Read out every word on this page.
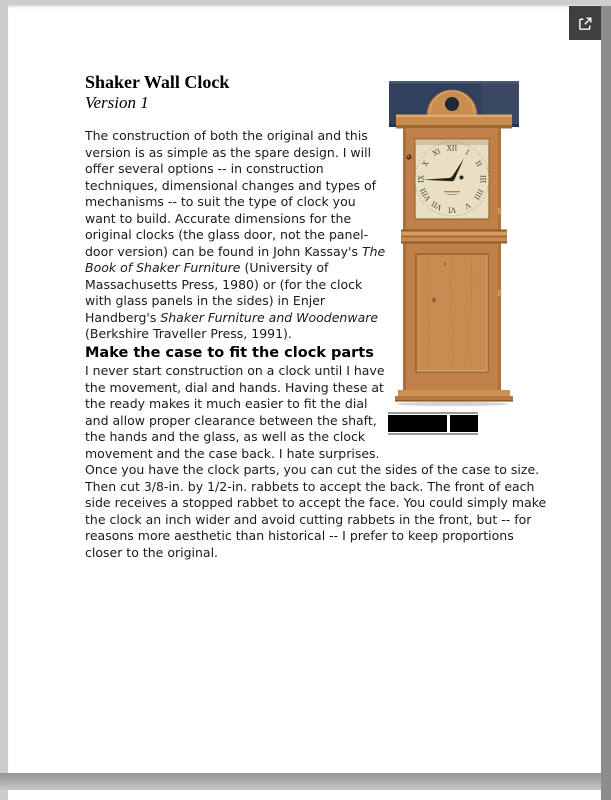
Shaker Wall Clock
Version 1

The construction of both the original and this version is as simple as the spare design. I will offer several options -- in construction techniques, dimensional changes and types of mechanisms -- to suit the type of clock you want to build. Accurate dimensions for the original clocks (the glass door, not the panel-door version) can be found in John Kassay's The Book of Shaker Furniture (University of Massachusetts Press, 1980) or (for the clock with glass panels in the sides) in Enjer Handberg's Shaker Furniture and Woodenware (Berkshire Traveller Press, 1991).

Make the case to fit the clock parts

I never start construction on a clock until I have the movement, dial and hands. Having these at the ready makes it much easier to fit the dial and allow proper clearance between the shaft, the hands and the glass, as well as the clock movement and the case back. I hate surprises.

Once you have the clock parts, you can cut the sides of the case to size. Then cut 3/8-in. by 1/2-in. rabbets to accept the back. The front of each side receives a stopped rabbet to accept the face. You could simply make the clock an inch wider and avoid cutting rabbets in the front, but -- for reasons more aesthetic than historical -- I prefer to keep proportions closer to the original.

XII I
II
III
IIII
V
VI
VII
VIII
IX
X
XI
